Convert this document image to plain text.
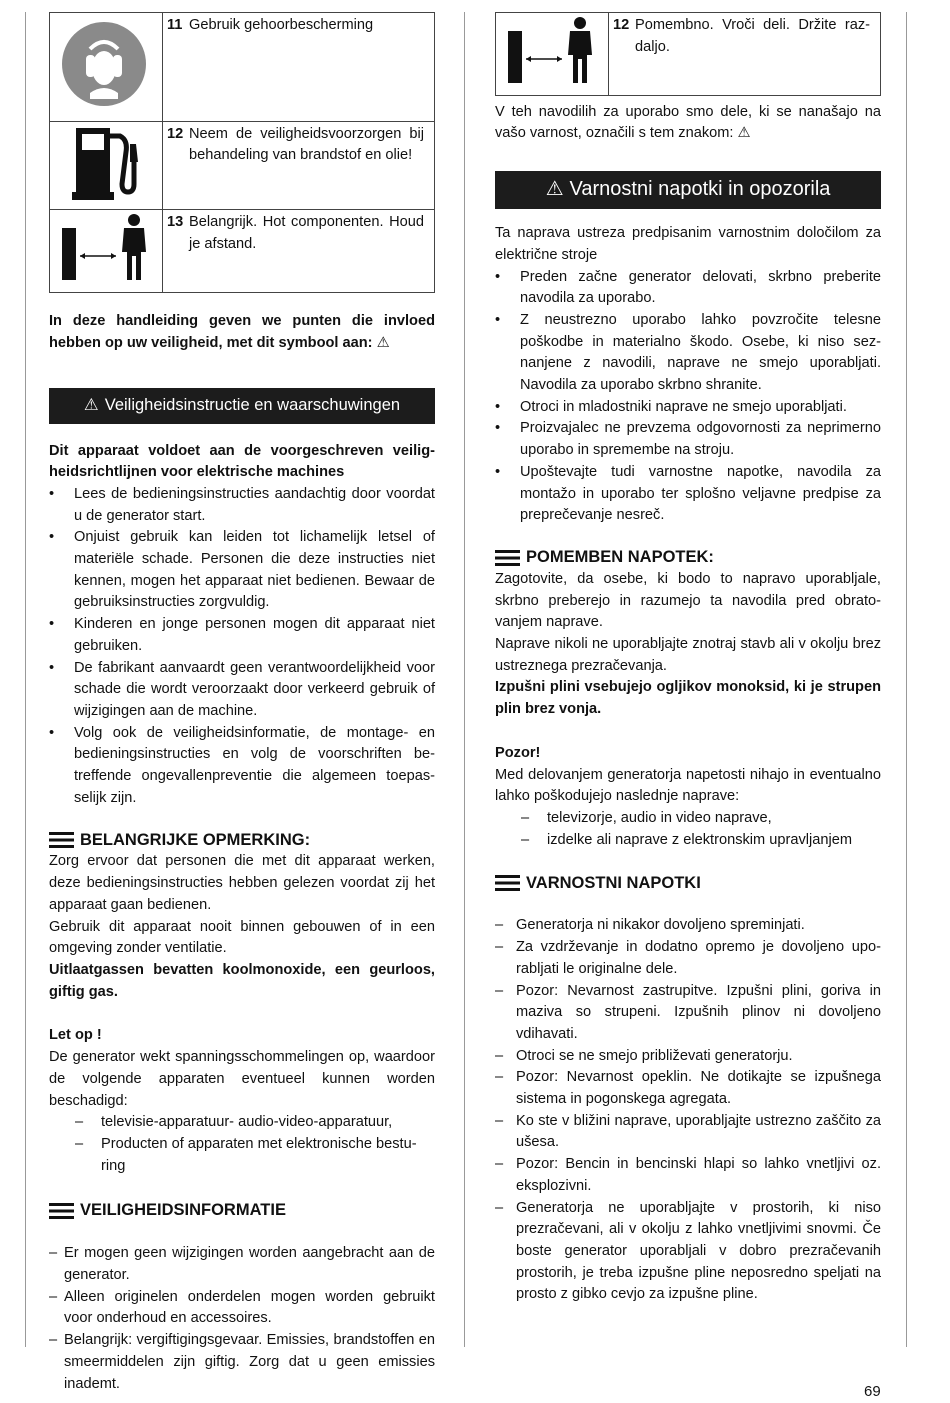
	11 Gebruik gehoorbescherming
	12 Neem de veiligheidsvoorzorgen bij behandeling van brandstof en olie!
	13 Belangrijk. Hot componenten. Houd je afstand.

In deze handleiding geven we punten die invloed hebben op uw veiligheid, met dit symbool aan: ⚠

⚠ Veiligheidsinstructie en waarschuwingen

Dit apparaat voldoet aan de voorgeschreven veiligheidsrichtlijnen voor elektrische machines

• Lees de bedieningsinstructies aandachtig door voordat u de generator start.
• Onjuist gebruik kan leiden tot lichamelijk letsel of materiële schade. Personen die deze instructies niet kennen, mogen het apparaat niet bedienen. Bewaar de gebruiksinstructies zorgvuldig.
• Kinderen en jonge personen mogen dit apparaat niet gebruiken.
• De fabrikant aanvaardt geen verantwoordelijkheid voor schade die wordt veroorzaakt door verkeerd gebruik of wijzigingen aan de machine.
• Volg ook de veiligheidsinformatie, de montage- en bedieningsinstructies en volg de voorschriften betreffende ongevallenpreventie die algemeen toepasselijk zijn.
BELANGRIJKE OPMERKING:

Zorg ervoor dat personen die met dit apparaat werken, deze bedieningsinstructies hebben gelezen voordat zij het apparaat gaan bedienen.

Gebruik dit apparaat nooit binnen gebouwen of in een omgeving zonder ventilatie.

Uitlaatgassen bevatten koolmonoxide, een geurloos, giftig gas.

Let op !

De generator wekt spanningsschommelingen op, waardoor de volgende apparaten eventueel kunnen worden beschadigd:

– televisie-apparatuur- audio-video-apparatuur,
– Producten of apparaten met elektronische besturing
VEILIGHEIDSINFORMATIE
– Er mogen geen wijzigingen worden aangebracht aan de generator.
– Alleen originelen onderdelen mogen worden gebruikt voor onderhoud en accessoires.
– Belangrijk: vergiftigingsgevaar. Emissies, brandstoffen en smeermiddelen zijn giftig. Zorg dat u geen emissies inademt.
	12 Pomembno. Vroči deli. Držite razdaljo.

V teh navodilih za uporabo smo dele, ki se nanašajo na vašo varnost, označili s tem znakom: ⚠

⚠ Varnostni napotki in opozorila

Ta naprava ustreza predpisanim varnostnim določilom za električne stroje

• Preden začne generator delovati, skrbno preberite navodila za uporabo.
• Z neustrezno uporabo lahko povzročite telesne poškodbe in materialno škodo. Osebe, ki niso seznanjene z navodili, naprave ne smejo uporabljati. Navodila za uporabo skrbno shranite.
• Otroci in mladostniki naprave ne smejo uporabljati.
• Proizvajalec ne prevzema odgovornosti za neprimerno uporabo in spremembe na stroju.
• Upoštevajte tudi varnostne napotke, navodila za montažo in uporabo ter splošno veljavne predpise za preprečevanje nesreč.
POMEMBEN NAPOTEK:

Zagotovite, da osebe, ki bodo to napravo uporabljale, skrbno preberejo in razumejo ta navodila pred obratovanjem naprave.

Naprave nikoli ne uporabljajte znotraj stavb ali v okolju brez ustreznega prezračevanja.

Izpušni plini vsebujejo ogljikov monoksid, ki je strupen plin brez vonja.

Pozor!

Med delovanjem generatorja napetosti nihajo in eventualno lahko poškodujejo naslednje naprave:

– televizorje, audio in video naprave,
– izdelke ali naprave z elektronskim upravljanjem
VARNOSTNI NAPOTKI
– Generatorja ni nikakor dovoljeno spreminjati.
– Za vzdrževanje in dodatno opremo je dovoljeno uporabljati le originalne dele.
– Pozor: Nevarnost zastrupitve. Izpušni plini, goriva in maziva so strupeni. Izpušnih plinov ni dovoljeno vdihavati.
– Otroci se ne smejo približevati generatorju.
– Pozor: Nevarnost opeklin. Ne dotikajte se izpušnega sistema in pogonskega agregata.
– Ko ste v bližini naprave, uporabljajte ustrezno zaščito za ušesa.
– Pozor: Bencin in bencinski hlapi so lahko vnetljivi oz. eksplozivni.
– Generatorja ne uporabljajte v prostorih, ki niso prezračevani, ali v okolju z lahko vnetljivimi snovmi. Če boste generator uporabljali v dobro prezračevanih prostorih, je treba izpušne pline neposredno speljati na prosto z gibko cevjo za izpušne pline.
69
